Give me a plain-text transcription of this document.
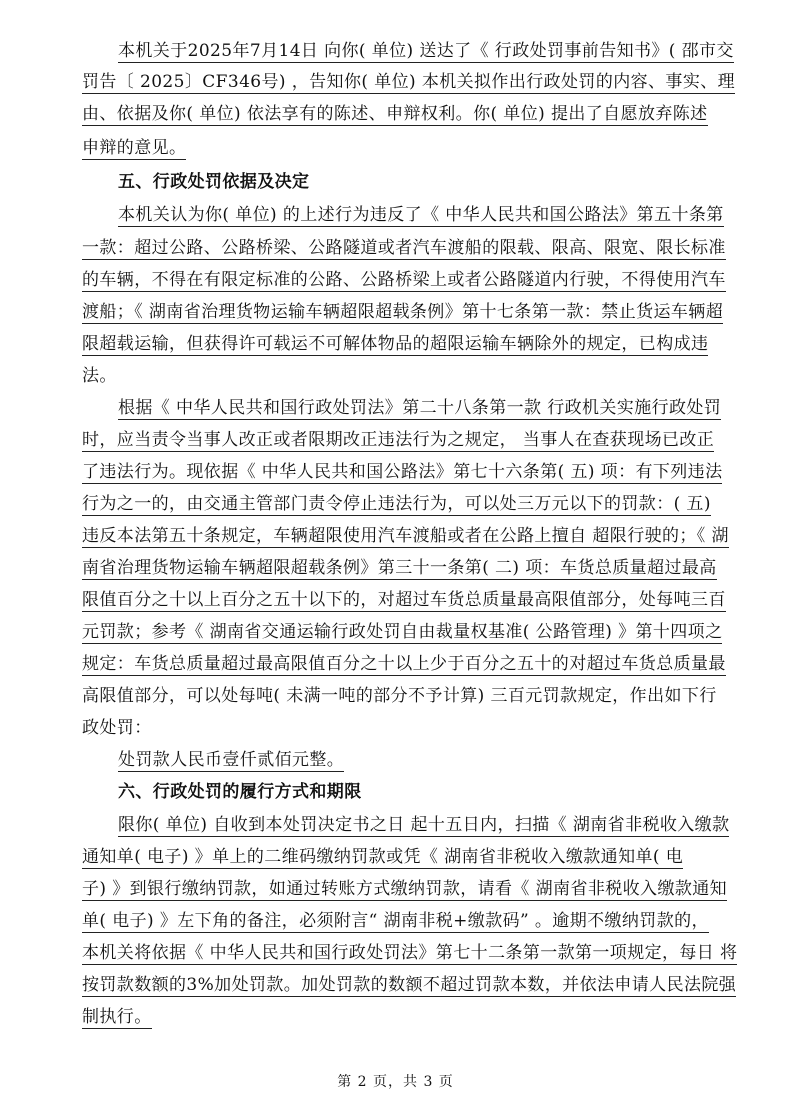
本机关于2025年7月14日 向你( 单位) 送达了《 行政处罚事前告知书》( 邵市交
罚告〔 2025〕CF346号) ，告知你( 单位) 本机关拟作出行政处罚的内容、事实、理
由、依据及你( 单位) 依法享有的陈述、申辩权利。你( 单位) 提出了自愿放弃陈述
申辩的意见。
五、行政处罚依据及决定
本机关认为你( 单位) 的上述行为违反了《 中华人民共和国公路法》第五十条第
一款：超过公路、公路桥梁、公路隧道或者汽车渡船的限载、限高、限宽、限长标准
的车辆，不得在有限定标准的公路、公路桥梁上或者公路隧道内行驶，不得使用汽车
渡船；《 湖南省治理货物运输车辆超限超载条例》第十七条第一款：禁止货运车辆超
限超载运输，但获得许可载运不可解体物品的超限运输车辆除外的规定，已构成违
法。
根据《 中华人民共和国行政处罚法》第二十八条第一款 行政机关实施行政处罚
时，应当责令当事人改正或者限期改正违法行为之规定， 当事人在查获现场已改正
了违法行为。现依据《 中华人民共和国公路法》第七十六条第( 五) 项：有下列违法
行为之一的，由交通主管部门责令停止违法行为，可以处三万元以下的罚款：( 五)
违反本法第五十条规定，车辆超限使用汽车渡船或者在公路上擅自 超限行驶的；《 湖
南省治理货物运输车辆超限超载条例》第三十一条第( 二) 项：车货总质量超过最高
限值百分之十以上百分之五十以下的，对超过车货总质量最高限值部分，处每吨三百
元罚款；参考《 湖南省交通运输行政处罚自由裁量权基准( 公路管理) 》第十四项之
规定：车货总质量超过最高限值百分之十以上少于百分之五十的对超过车货总质量最
高限值部分，可以处每吨( 未满一吨的部分不予计算) 三百元罚款规定，作出如下行
政处罚：
处罚款人民币壹仟贰佰元整。
六、行政处罚的履行方式和期限
限你( 单位) 自收到本处罚决定书之日 起十五日内，扫描《 湖南省非税收入缴款
通知单( 电子) 》单上的二维码缴纳罚款或凭《 湖南省非税收入缴款通知单( 电
子) 》到银行缴纳罚款，如通过转账方式缴纳罚款，请看《 湖南省非税收入缴款通知
单( 电子) 》左下角的备注，必须附言“ 湖南非税+缴款码” 。逾期不缴纳罚款的，
本机关将依据《 中华人民共和国行政处罚法》第七十二条第一款第一项规定，每日 将
按罚款数额的3%加处罚款。加处罚款的数额不超过罚款本数，并依法申请人民法院强
制执行。
第 2 页，共 3 页
